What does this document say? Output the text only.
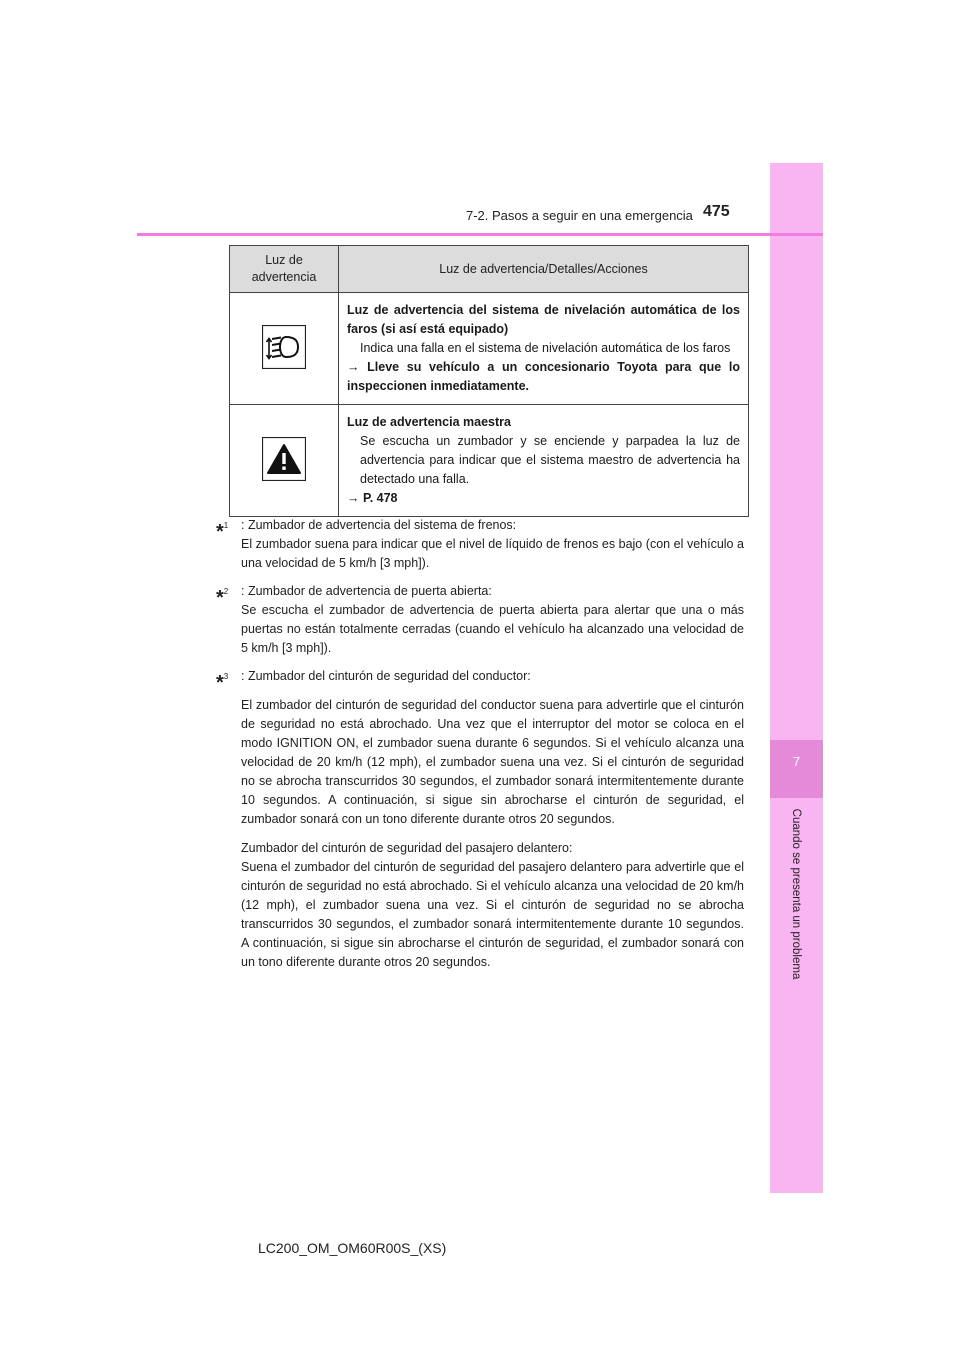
7
Cuando se presenta un problema
7-2. Pasos a seguir en una emergencia 475
Luz de advertencia	Luz de advertencia/Detalles/Acciones
	Luz de advertencia del sistema de nivelación automática de los faros (si así está equipado)
Indica una falla en el sistema de nivelación automática de los faros
→ Lleve su vehículo a un concesionario Toyota para que lo inspeccionen inmediatamente.

	Luz de advertencia maestra
Se escucha un zumbador y se enciende y parpadea la luz de advertencia para indicar que el sistema maestro de advertencia ha detectado una falla.
→ P. 478
*$^1$ : Zumbador de advertencia del sistema de frenos:

El zumbador suena para indicar que el nivel de líquido de frenos es bajo (con el vehículo a una velocidad de 5 km/h [3 mph]).

*$^2$ : Zumbador de advertencia de puerta abierta:

Se escucha el zumbador de advertencia de puerta abierta para alertar que una o más puertas no están totalmente cerradas (cuando el vehículo ha alcanzado una velocidad de 5 km/h [3 mph]).

*$^3$ : Zumbador del cinturón de seguridad del conductor:

El zumbador del cinturón de seguridad del conductor suena para advertirle que el cinturón de seguridad no está abrochado. Una vez que el interruptor del motor se coloca en el modo IGNITION ON, el zumbador suena durante 6 segundos. Si el vehículo alcanza una velocidad de 20 km/h (12 mph), el zumbador suena una vez. Si el cinturón de seguridad no se abrocha transcurridos 30 segundos, el zumbador sonará intermitentemente durante 10 segundos. A continuación, si sigue sin abrocharse el cinturón de seguridad, el zumbador sonará con un tono diferente durante otros 20 segundos.

Zumbador del cinturón de seguridad del pasajero delantero:

Suena el zumbador del cinturón de seguridad del pasajero delantero para advertirle que el cinturón de seguridad no está abrochado. Si el vehículo alcanza una velocidad de 20 km/h (12 mph), el zumbador suena una vez. Si el cinturón de seguridad no se abrocha transcurridos 30 segundos, el zumbador sonará intermitentemente durante 10 segundos. A continuación, si sigue sin abrocharse el cinturón de seguridad, el zumbador sonará con un tono diferente durante otros 20 segundos.

LC200_OM_OM60R00S_(XS)
